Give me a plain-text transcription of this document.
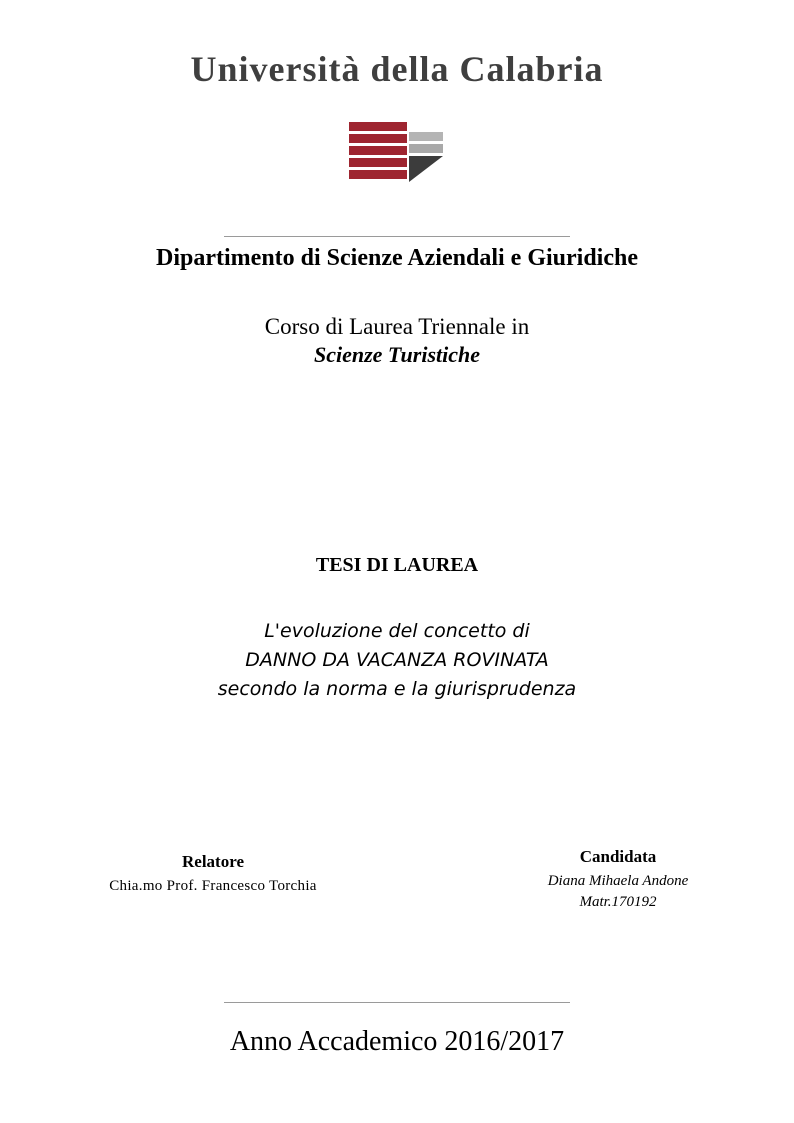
Università della Calabria
Dipartimento di Scienze Aziendali e Giuridiche
Corso di Laurea Triennale in
Scienze Turistiche
TESI DI LAUREA
L'evoluzione del concetto di
DANNO DA VACANZA ROVINATA
secondo la norma e la giurisprudenza
Relatore
Chia.mo Prof. Francesco Torchia
Candidata
Diana Mihaela Andone
Matr.170192
Anno Accademico 2016/2017
